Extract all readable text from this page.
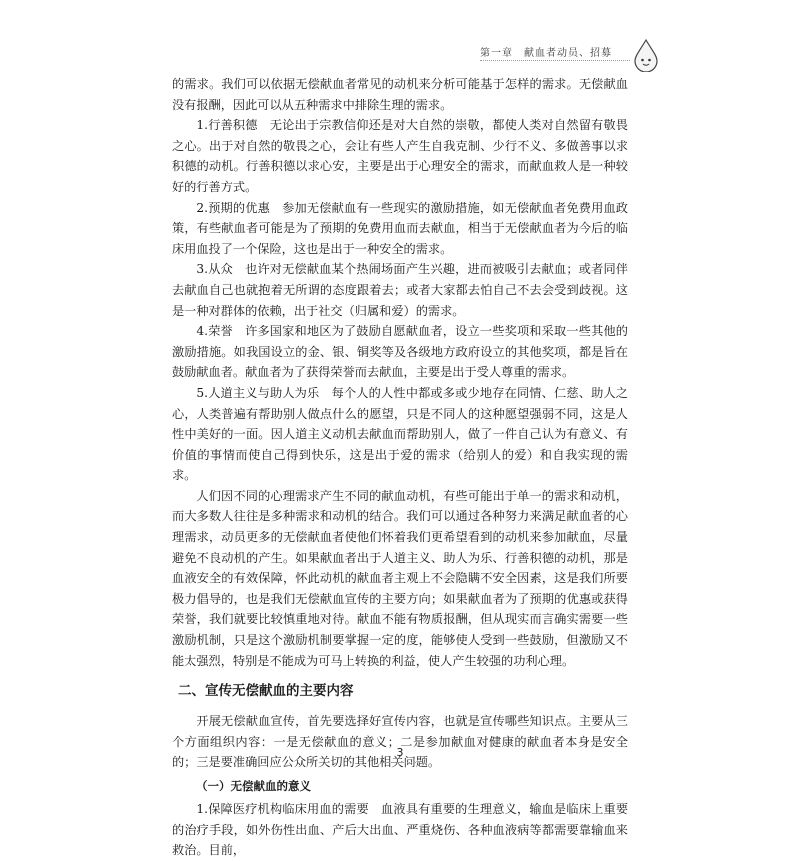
第一章　献血者动员、招募

的需求。我们可以依据无偿献血者常见的动机来分析可能基于怎样的需求。无偿献血没有报酬，因此可以从五种需求中排除生理的需求。

1.行善积德 无论出于宗教信仰还是对大自然的崇敬，都使人类对自然留有敬畏之心。出于对自然的敬畏之心，会让有些人产生自我克制、少行不义、多做善事以求积德的动机。行善积德以求心安，主要是出于心理安全的需求，而献血救人是一种较好的行善方式。

2.预期的优惠 参加无偿献血有一些现实的激励措施，如无偿献血者免费用血政策，有些献血者可能是为了预期的免费用血而去献血，相当于无偿献血者为今后的临床用血投了一个保险，这也是出于一种安全的需求。

3.从众 也许对无偿献血某个热闹场面产生兴趣，进而被吸引去献血；或者同伴去献血自己也就抱着无所谓的态度跟着去；或者大家都去怕自己不去会受到歧视。这是一种对群体的依赖，出于社交（归属和爱）的需求。

4.荣誉 许多国家和地区为了鼓励自愿献血者，设立一些奖项和采取一些其他的激励措施。如我国设立的金、银、铜奖等及各级地方政府设立的其他奖项，都是旨在鼓励献血者。献血者为了获得荣誉而去献血，主要是出于受人尊重的需求。

5.人道主义与助人为乐 每个人的人性中都或多或少地存在同情、仁慈、助人之心，人类普遍有帮助别人做点什么的愿望，只是不同人的这种愿望强弱不同，这是人性中美好的一面。因人道主义动机去献血而帮助别人，做了一件自己认为有意义、有价值的事情而使自己得到快乐，这是出于爱的需求（给别人的爱）和自我实现的需求。

人们因不同的心理需求产生不同的献血动机，有些可能出于单一的需求和动机，而大多数人往往是多种需求和动机的结合。我们可以通过各种努力来满足献血者的心理需求，动员更多的无偿献血者使他们怀着我们更希望看到的动机来参加献血，尽量避免不良动机的产生。如果献血者出于人道主义、助人为乐、行善积德的动机，那是血液安全的有效保障，怀此动机的献血者主观上不会隐瞒不安全因素，这是我们所要极力倡导的，也是我们无偿献血宣传的主要方向；如果献血者为了预期的优惠或获得荣誉，我们就要比较慎重地对待。献血不能有物质报酬，但从现实而言确实需要一些激励机制，只是这个激励机制要掌握一定的度，能够使人受到一些鼓励，但激励又不能太强烈，特别是不能成为可马上转换的利益，使人产生较强的功利心理。

二、宣传无偿献血的主要内容

开展无偿献血宣传，首先要选择好宣传内容，也就是宣传哪些知识点。主要从三个方面组织内容：一是无偿献血的意义；二是参加献血对健康的献血者本身是安全的；三是要准确回应公众所关切的其他相关问题。

（一）无偿献血的意义

1.保障医疗机构临床用血的需要 血液具有重要的生理意义，输血是临床上重要的治疗手段，如外伤性出血、产后大出血、严重烧伤、各种血液病等都需要靠输血来救治。目前，

3
